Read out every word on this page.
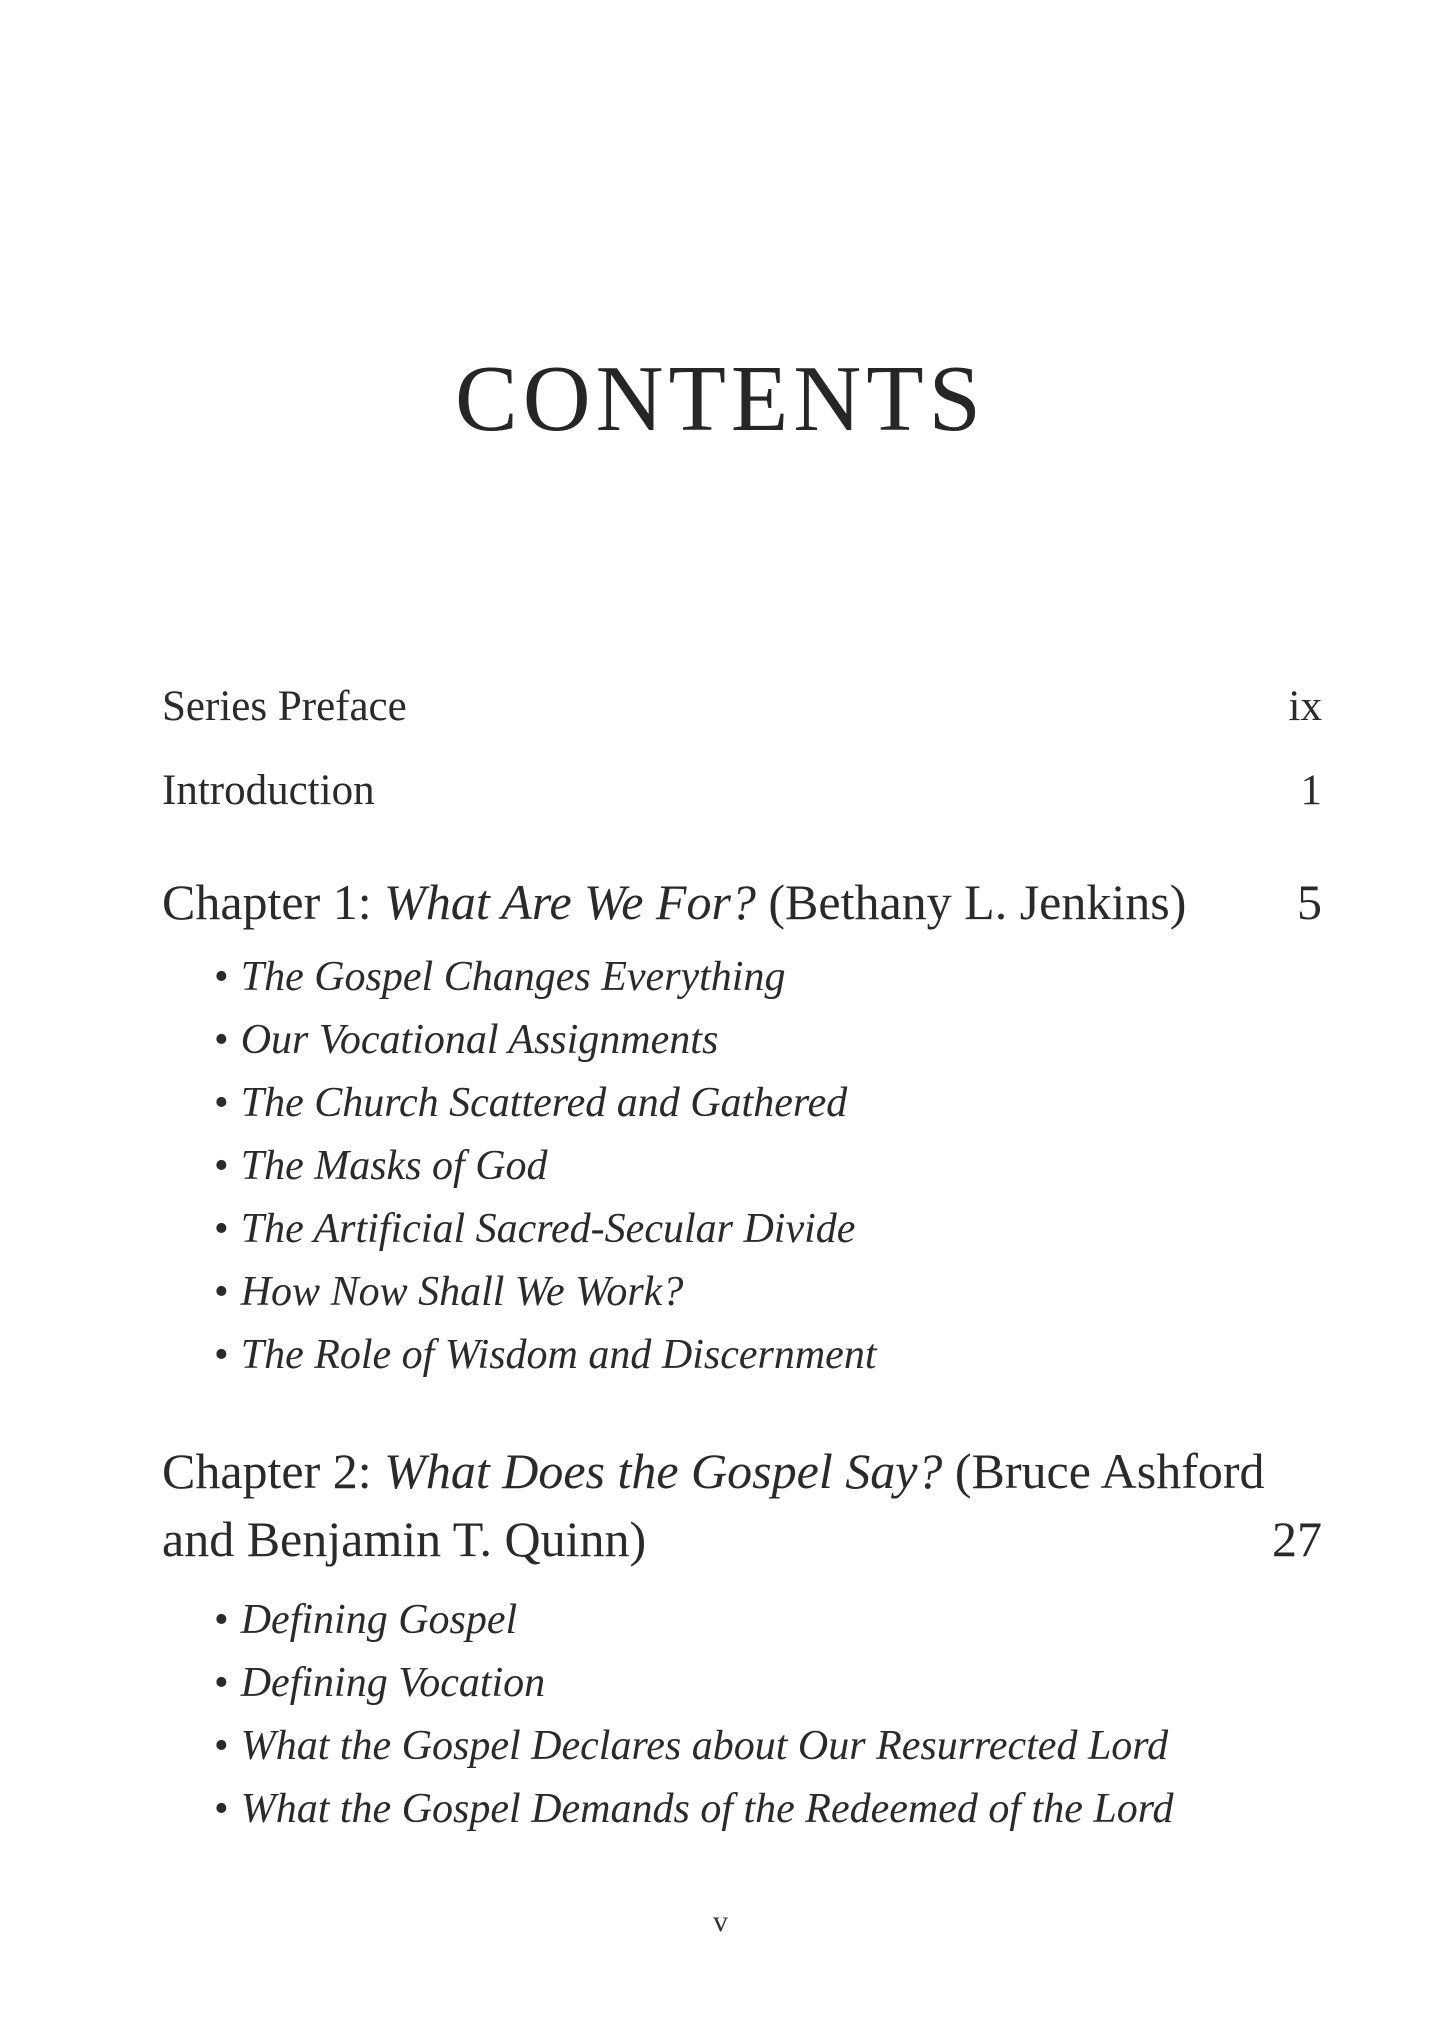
CONTENTS
Series Preface	ix
Introduction	1
Chapter 1: What Are We For? (Bethany L. Jenkins) 5
• The Gospel Changes Everything
• Our Vocational Assignments
• The Church Scattered and Gathered
• The Masks of God
• The Artificial Sacred-Secular Divide
• How Now Shall We Work?
• The Role of Wisdom and Discernment
Chapter 2: What Does the Gospel Say? (Bruce Ashford
and Benjamin T. Quinn)	27
• Defining Gospel
• Defining Vocation
• What the Gospel Declares about Our Resurrected Lord
• What the Gospel Demands of the Redeemed of the Lord
v
